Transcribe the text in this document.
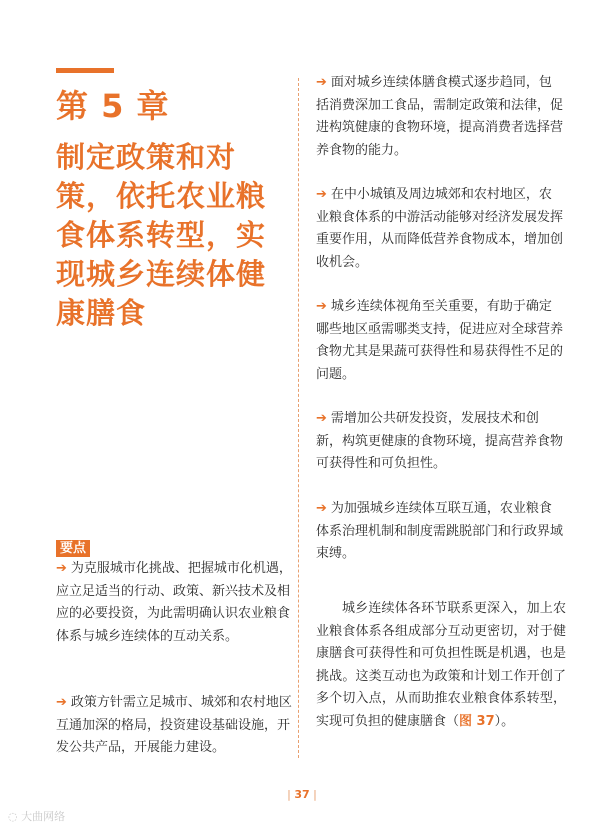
第 5 章
制定政策和对策，依托农业粮食体系转型，实现城乡连续体健康膳食
➔ 面对城乡连续体膳食模式逐步趋同，包括消费深加工食品，需制定政策和法律，促进构筑健康的食物环境，提高消费者选择营养食物的能力。
➔ 在中小城镇及周边城郊和农村地区，农业粮食体系的中游活动能够对经济发展发挥重要作用，从而降低营养食物成本，增加创收机会。
➔ 城乡连续体视角至关重要，有助于确定哪些地区亟需哪类支持，促进应对全球营养食物尤其是果蔬可获得性和易获得性不足的问题。
➔ 需增加公共研发投资，发展技术和创新，构筑更健康的食物环境，提高营养食物可获得性和可负担性。
➔ 为加强城乡连续体互联互通，农业粮食体系治理机制和制度需跳脱部门和行政界域束缚。
要点
➔ 为克服城市化挑战、把握城市化机遇，应立足适当的行动、政策、新兴技术及相应的必要投资，为此需明确认识农业粮食体系与城乡连续体的互动关系。
➔ 政策方针需立足城市、城郊和农村地区互通加深的格局，投资建设基础设施，开发公共产品，开展能力建设。
城乡连续体各环节联系更深入，加上农业粮食体系各组成部分互动更密切，对于健康膳食可获得性和可负担性既是机遇，也是挑战。这类互动也为政策和计划工作开创了多个切入点，从而助推农业粮食体系转型，实现可负担的健康膳食（图 37）。
| 37 |
◌ 大曲网络
